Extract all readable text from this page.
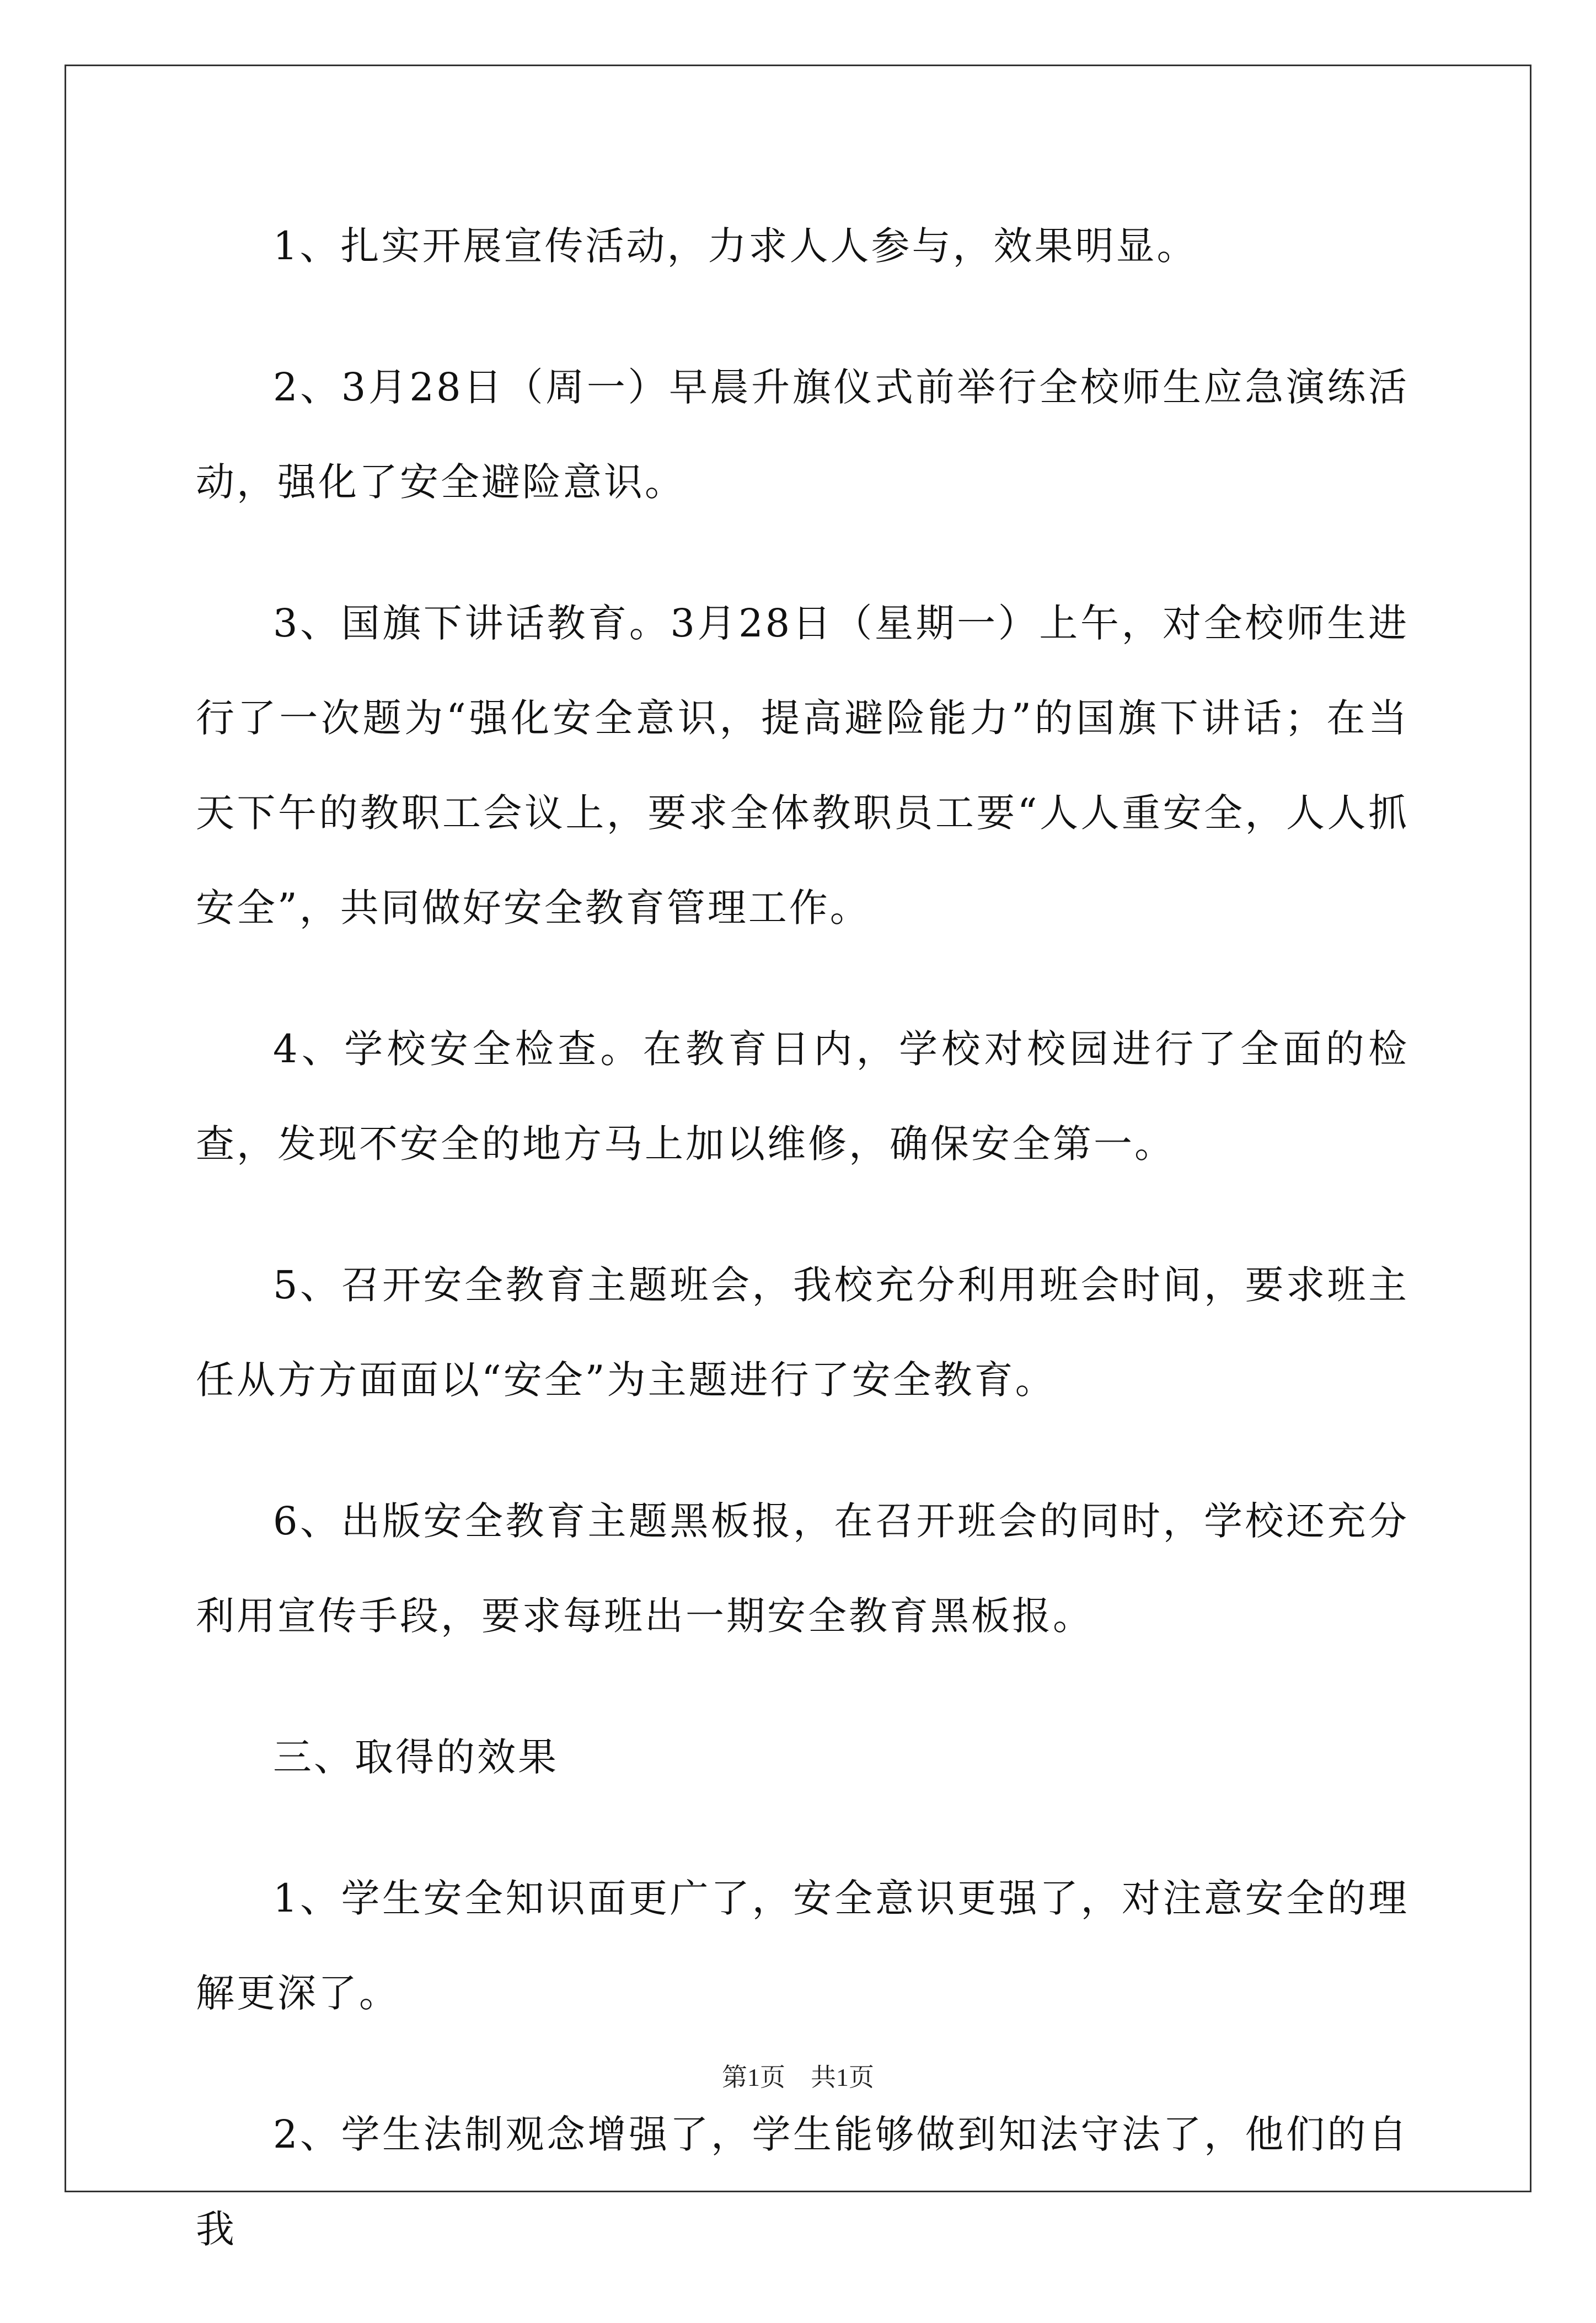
1、扎实开展宣传活动，力求人人参与，效果明显。

2、3月28日（周一）早晨升旗仪式前举行全校师生应急演练活动，强化了安全避险意识。

3、国旗下讲话教育。3月28日（星期一）上午，对全校师生进行了一次题为“强化安全意识，提高避险能力”的国旗下讲话；在当天下午的教职工会议上，要求全体教职员工要“人人重安全，人人抓安全”，共同做好安全教育管理工作。

4、学校安全检查。在教育日内，学校对校园进行了全面的检查，发现不安全的地方马上加以维修，确保安全第一。

5、召开安全教育主题班会，我校充分利用班会时间，要求班主任从方方面面以“安全”为主题进行了安全教育。

6、出版安全教育主题黑板报，在召开班会的同时，学校还充分利用宣传手段，要求每班出一期安全教育黑板报。

三、取得的效果

1、学生安全知识面更广了，安全意识更强了，对注意安全的理解更深了。

2、学生法制观念增强了，学生能够做到知法守法了，他们的自我

第1页　共1页
